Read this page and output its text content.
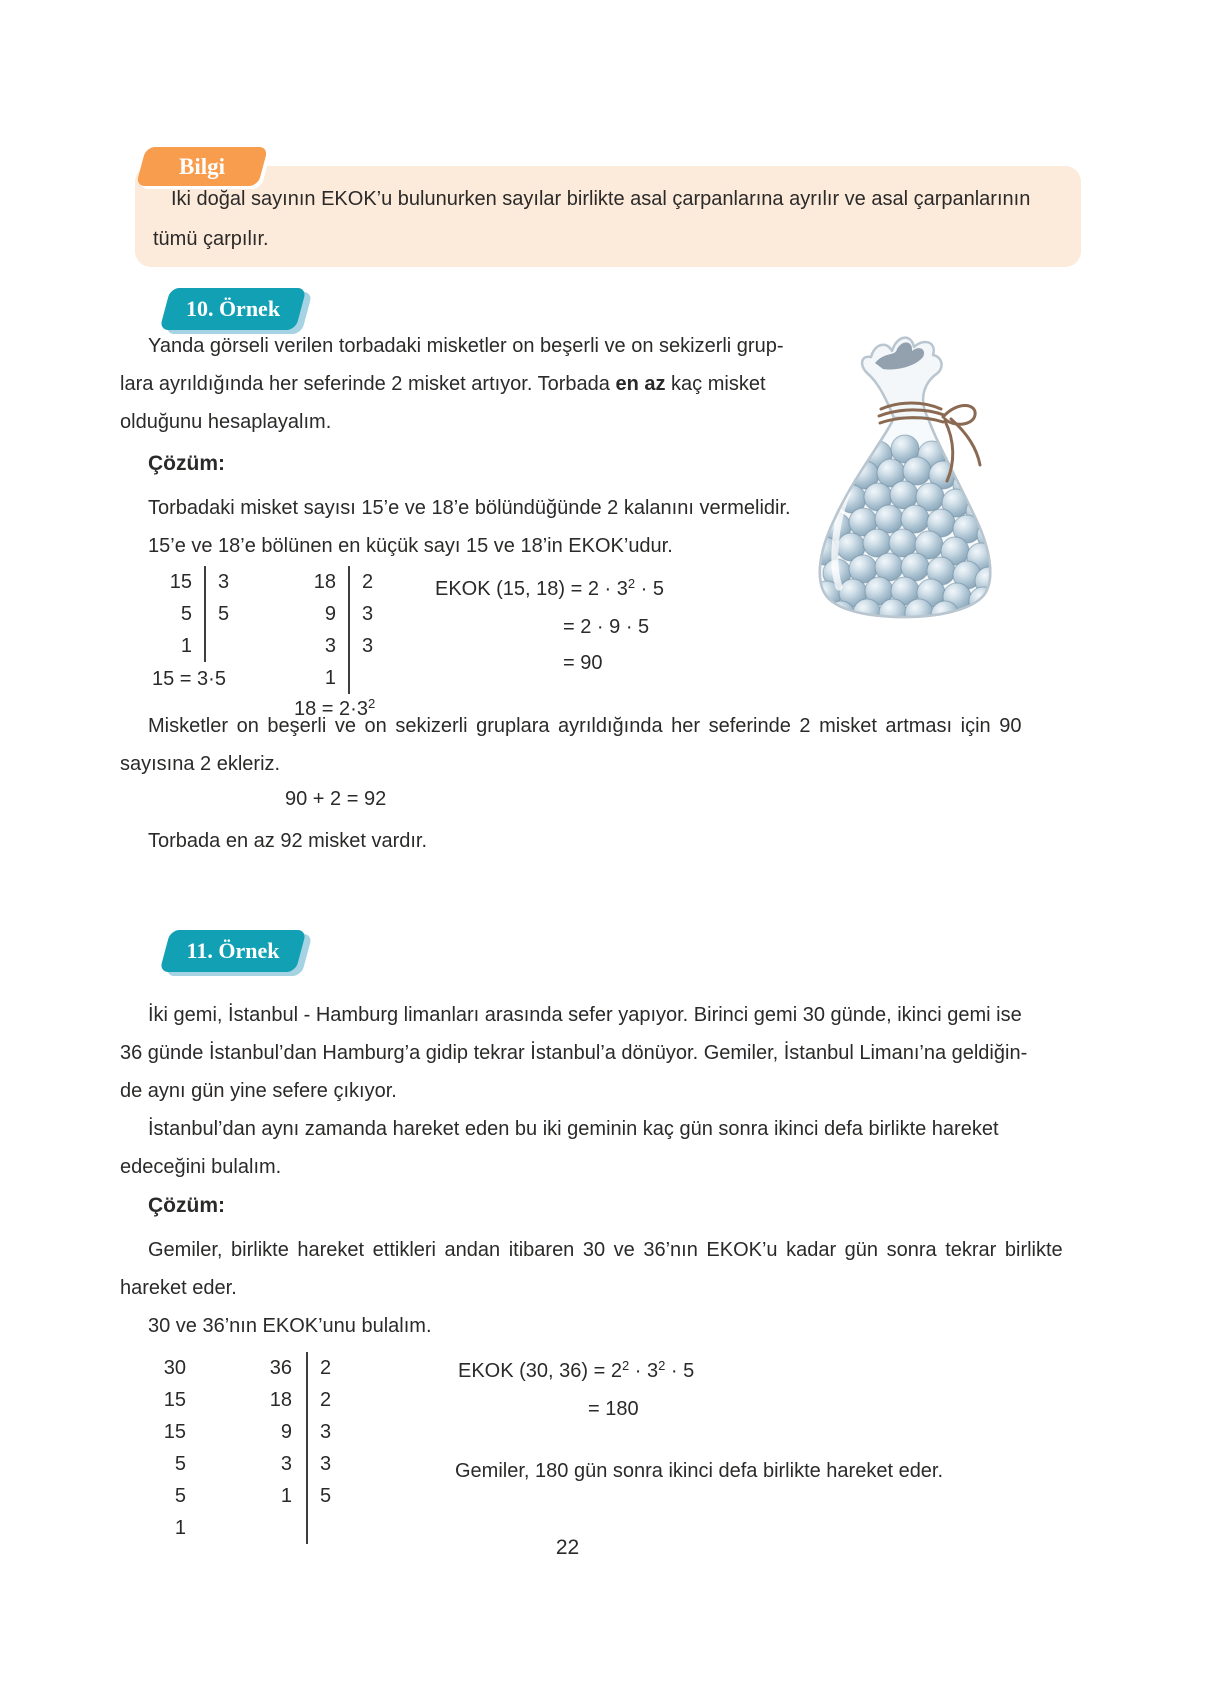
İki doğal sayının EKOK’u bulunurken sayılar birlikte asal çarpanlarına ayrılır ve asal çarpanlarının
tümü çarpılır.
Bilgi
10. Örnek
Yanda görseli verilen torbadaki misketler on beşerli ve on sekizerli grup-
lara ayrıldığında her seferinde 2 misket artıyor. Torbada en az kaç misket
olduğunu hesaplayalım.
Çözüm:
Torbadaki misket sayısı 15’e ve 18’e bölündüğünde 2 kalanını vermelidir.
15’e ve 18’e bölünen en küçük sayı 15 ve 18’in EKOK’udur.
15	3
5	5
1
15 = 3·5
18	2
9	3
3	3
1
$18 = 2\cdot 3^2$
EKOK (15, $18) = 2 \cdot 3^2 \cdot 5$
= 2 · 9 · 5
= 90
Misketler on beşerli ve on sekizerli gruplara ayrıldığında her seferinde 2 misket artması için 90
sayısına 2 ekleriz.
90 + 2 = 92
Torbada en az 92 misket vardır.
11. Örnek
İki gemi, İstanbul - Hamburg limanları arasında sefer yapıyor. Birinci gemi 30 günde, ikinci gemi ise
36 günde İstanbul’dan Hamburg’a gidip tekrar İstanbul’a dönüyor. Gemiler, İstanbul Limanı’na geldiğin-
de aynı gün yine sefere çıkıyor.
İstanbul’dan aynı zamanda hareket eden bu iki geminin kaç gün sonra ikinci defa birlikte hareket
edeceğini bulalım.
Çözüm:
Gemiler, birlikte hareket ettikleri andan itibaren 30 ve 36’nın EKOK’u kadar gün sonra tekrar birlikte
hareket eder.
30 ve 36’nın EKOK’unu bulalım.
30	36	2
15	18	2
15	9	3
5	3	3
5	1	5
1
EKOK (30, $36) = 2^2 \cdot 3^2 \cdot 5$
= 180
Gemiler, 180 gün sonra ikinci defa birlikte hareket eder.
22
